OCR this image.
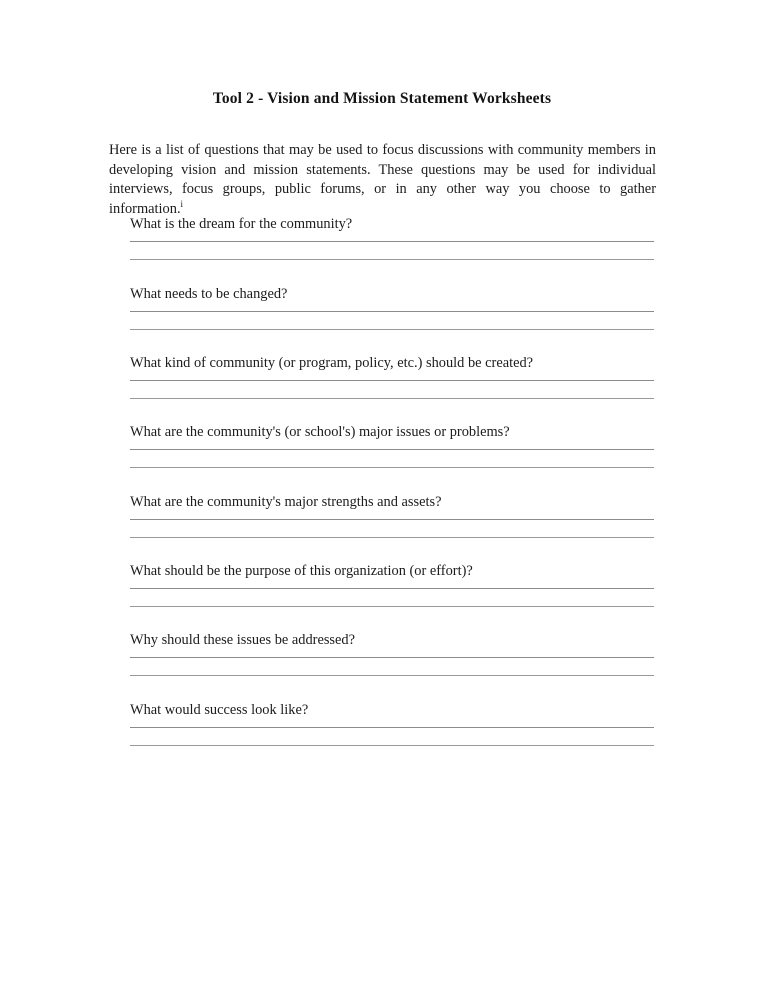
Tool 2 - Vision and Mission Statement Worksheets

Here is a list of questions that may be used to focus discussions with community members in developing vision and mission statements. These questions may be used for individual interviews, focus groups, public forums, or in any other way you choose to gather information.$^i$

What is the dream for the community?
What needs to be changed?
What kind of community (or program, policy, etc.) should be created?
What are the community's (or school's) major issues or problems?
What are the community's major strengths and assets?
What should be the purpose of this organization (or effort)?
Why should these issues be addressed?
What would success look like?
